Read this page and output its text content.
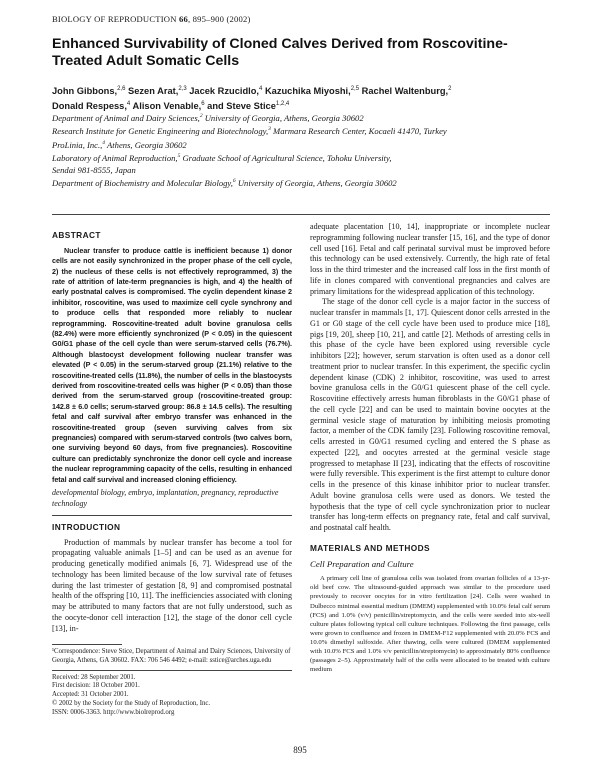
BIOLOGY OF REPRODUCTION 66, 895–900 (2002)
Enhanced Survivability of Cloned Calves Derived from Roscovitine-Treated Adult Somatic Cells
John Gibbons,$^{2,6}$ Sezen Arat,$^{2,3}$ Jacek Rzucidlo,$^4$ Kazuchika Miyoshi,$^{2,5}$ Rachel Waltenburg,$^2$
Donald Respess,$^4$ Alison Venable,$^6$ and Steve Stice$^{1,2,4}$
Department of Animal and Dairy Sciences,$^2$ University of Georgia, Athens, Georgia 30602
Research Institute for Genetic Engineering and Biotechnology,$^3$ Marmara Research Center, Kocaeli 41470, Turkey
ProLinia, Inc.,$^4$ Athens, Georgia 30602
Laboratory of Animal Reproduction,$^5$ Graduate School of Agricultural Science, Tohoku University,
Sendai 981-8555, Japan
Department of Biochemistry and Molecular Biology,$^6$ University of Georgia, Athens, Georgia 30602
ABSTRACT

Nuclear transfer to produce cattle is inefficient because 1) donor cells are not easily synchronized in the proper phase of the cell cycle, 2) the nucleus of these cells is not effectively reprogrammed, 3) the rate of attrition of late-term pregnancies is high, and 4) the health of early postnatal calves is compromised. The cyclin dependent kinase 2 inhibitor, roscovitine, was used to maximize cell cycle synchrony and to produce cells that responded more reliably to nuclear reprogramming. Roscovitine-treated adult bovine granulosa cells (82.4%) were more efficiently synchronized (P < 0.05) in the quiescent G0/G1 phase of the cell cycle than were serum-starved cells (76.7%). Although blastocyst development following nuclear transfer was elevated (P < 0.05) in the serum-starved group (21.1%) relative to the roscovitine-treated cells (11.8%), the number of cells in the blastocysts derived from roscovitine-treated cells was higher (P < 0.05) than those derived from the serum-starved group (roscovitine-treated group: 142.8 ± 6.0 cells; serum-starved group: 86.8 ± 14.5 cells). The resulting fetal and calf survival after embryo transfer was enhanced in the roscovitine-treated group (seven surviving calves from six pregnancies) compared with serum-starved controls (two calves born, one surviving beyond 60 days, from five pregnancies). Roscovitine culture can predictably synchronize the donor cell cycle and increase the nuclear reprogramming capacity of the cells, resulting in enhanced fetal and calf survival and increased cloning efficiency.

developmental biology, embryo, implantation, pregnancy, reproductive technology
INTRODUCTION

Production of mammals by nuclear transfer has become a tool for propagating valuable animals [1–5] and can be used as an avenue for producing genetically modified animals [6, 7]. Widespread use of the technology has been limited because of the low survival rate of fetuses during the last trimester of gestation [8, 9] and compromised postnatal health of the offspring [10, 11]. The inefficiencies associated with cloning may be attributed to many factors that are not fully understood, such as the oocyte-donor cell interaction [12], the stage of the donor cell cycle [13], in-

¹Correspondence: Steve Stice, Department of Animal and Dairy Sciences, University of Georgia, Athens, GA 30602. FAX: 706 546 4492; e-mail: sstice@arches.uga.edu
Received: 28 September 2001.
First decision: 18 October 2001.
Accepted: 31 October 2001.
© 2002 by the Society for the Study of Reproduction, Inc.
ISSN: 0006-3363. http://www.biolreprod.org

adequate placentation [10, 14], inappropriate or incomplete nuclear reprogramming following nuclear transfer [15, 16], and the type of donor cell used [16]. Fetal and calf perinatal survival must be improved before this technology can be used extensively. Currently, the high rate of fetal loss in the third trimester and the increased calf loss in the first month of life in clones compared with conventional pregnancies and calves are primary limitations for the widespread application of this technology.

The stage of the donor cell cycle is a major factor in the success of nuclear transfer in mammals [1, 17]. Quiescent donor cells arrested in the G1 or G0 stage of the cell cycle have been used to produce mice [18], pigs [19, 20], sheep [10, 21], and cattle [2]. Methods of arresting cells in this phase of the cycle have been explored using reversible cycle inhibitors [22]; however, serum starvation is often used as a donor cell treatment prior to nuclear transfer. In this experiment, the specific cyclin dependent kinase (CDK) 2 inhibitor, roscovitine, was used to arrest bovine granulosa cells in the G0/G1 quiescent phase of the cell cycle. Roscovitine effectively arrests human fibroblasts in the G0/G1 phase of the cell cycle [22] and can be used to maintain bovine oocytes at the germinal vesicle stage of maturation by inhibiting meiosis promoting factor, a member of the CDK family [23]. Following roscovitine removal, cells arrested in G0/G1 resumed cycling and entered the S phase as expected [22], and oocytes arrested at the germinal vesicle stage progressed to metaphase II [23], indicating that the effects of roscovitine were fully reversible. This experiment is the first attempt to culture donor cells in the presence of this kinase inhibitor prior to nuclear transfer. Adult bovine granulosa cells were used as donors. We tested the hypothesis that the type of cell cycle synchronization prior to nuclear transfer has long-term effects on pregnancy rate, fetal and calf survival, and postnatal calf health.

MATERIALS AND METHODS
Cell Preparation and Culture

A primary cell line of granulosa cells was isolated from ovarian follicles of a 13-yr-old beef cow. The ultrasound-guided approach was similar to the procedure used previously to recover oocytes for in vitro fertilization [24]. Cells were washed in Dulbecco minimal essential medium (DMEM) supplemented with 10.0% fetal calf serum (FCS) and 1.0% (v/v) penicillin/streptomycin, and the cells were seeded into six-well culture plates following typical cell culture techniques. Following the first passage, cells were grown to confluence and frozen in DMEM-F12 supplemented with 20.0% FCS and 10.0% dimethyl sulfoxide. After thawing, cells were cultured (DMEM supplemented with 10.0% FCS and 1.0% v/v penicillin/streptomycin) to approximately 80% confluence (passages 2–5). Approximately half of the cells were allocated to be treated with culture medium

895
